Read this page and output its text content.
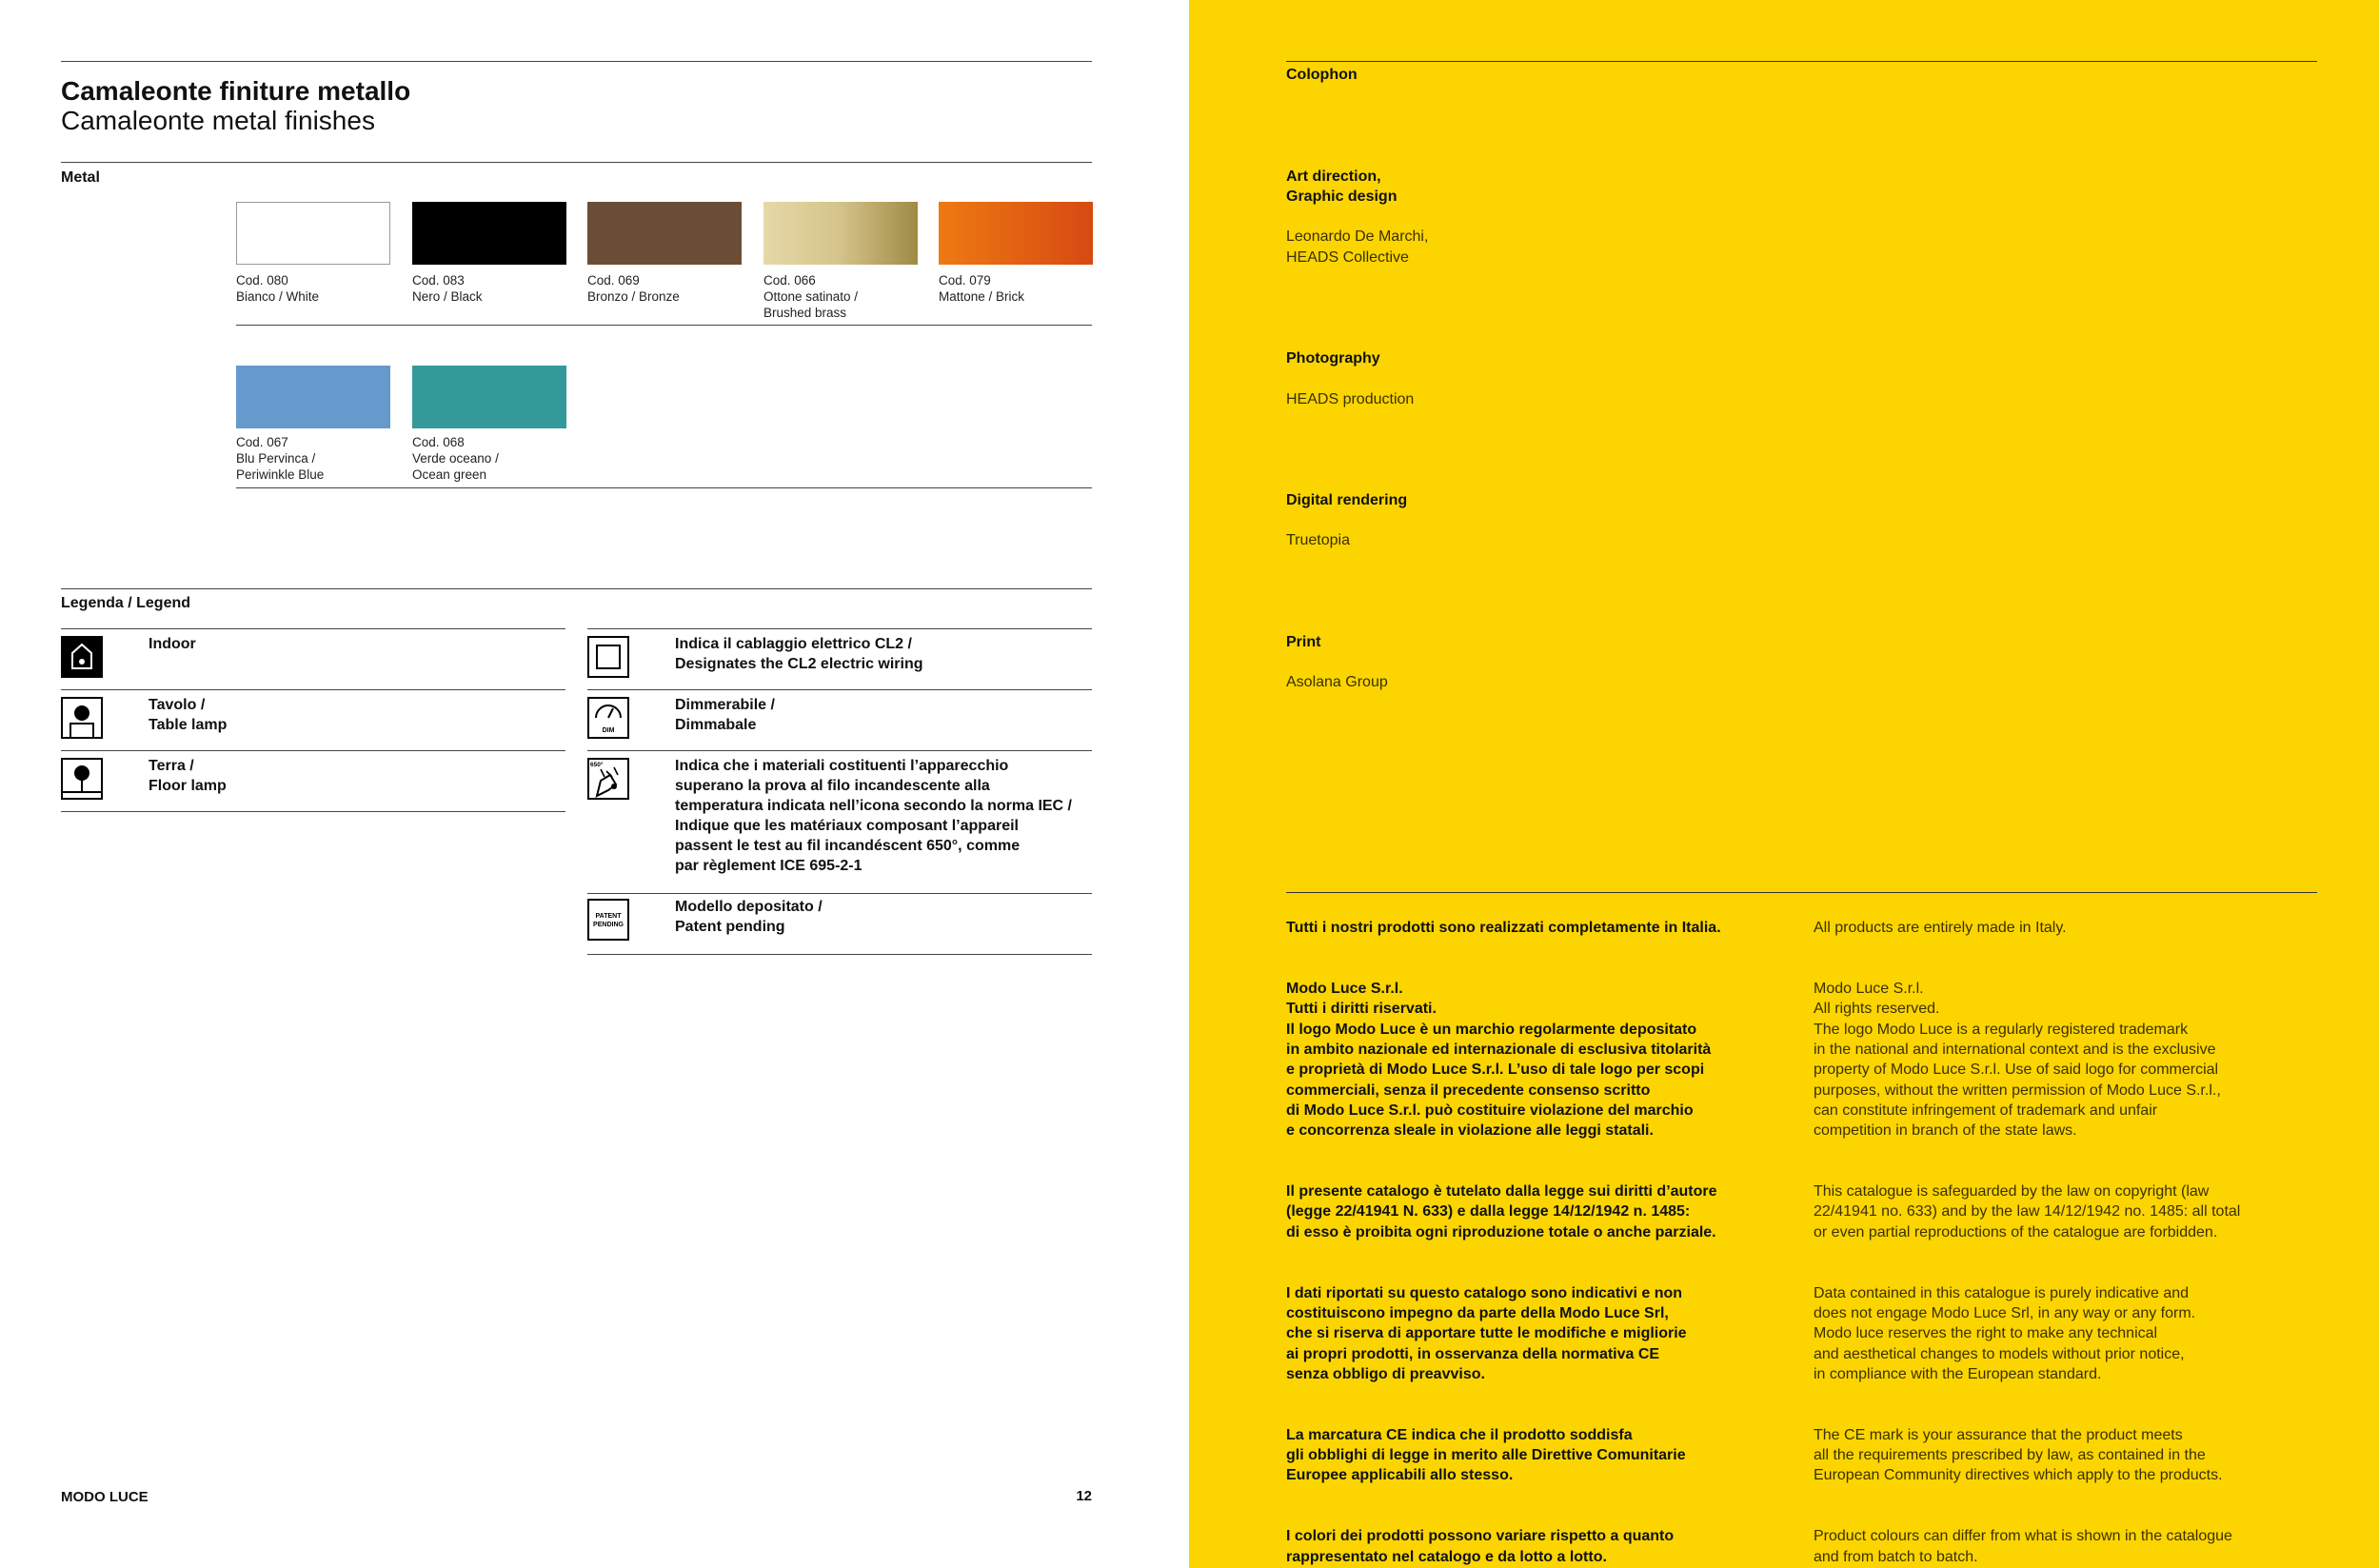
Camaleonte finiture metallo
Camaleonte metal finishes
Metal
Cod. 080
Bianco / White
Cod. 083
Nero / Black
Cod. 069
Bronzo / Bronze
Cod. 066
Ottone satinato /
Brushed brass
Cod. 079
Mattone / Brick
Cod. 067
Blu Pervinca /
Periwinkle Blue
Cod. 068
Verde oceano /
Ocean green
Legenda / Legend
Indoor
Tavolo /
Table lamp
Terra /
Floor lamp
Indica il cablaggio elettrico CL2 /
Designates the CL2 electric wiring
DIM
Dimmerabile /
Dimmabale
650°	Indica che i materiali costituenti l’apparecchio
superano la prova al filo incandescente alla
temperatura indicata nell’icona secondo la norma IEC /
Indique que les matériaux composant l’appareil
passent le test au fil incandéscent 650°, comme
par règlement ICE 695-2-1
PATENT
PENDING
Modello depositato /
Patent pending
MODO LUCE	12
Colophon

Art direction,
Graphic design

Leonardo De Marchi,
HEADS Collective

Photography

HEADS production

Digital rendering

Truetopia

Print

Asolana Group

Tutti i nostri prodotti sono realizzati completamente in Italia.

Modo Luce S.r.l.
Tutti i diritti riservati.
Il logo Modo Luce è un marchio regolarmente depositato
in ambito nazionale ed internazionale di esclusiva titolarità
e proprietà di Modo Luce S.r.l. L’uso di tale logo per scopi
commerciali, senza il precedente consenso scritto
di Modo Luce S.r.l. può costituire violazione del marchio
e concorrenza sleale in violazione alle leggi statali.

Il presente catalogo è tutelato dalla legge sui diritti d’autore
(legge 22/41941 N. 633) e dalla legge 14/12/1942 n. 1485:
di esso è proibita ogni riproduzione totale o anche parziale.

I dati riportati su questo catalogo sono indicativi e non
costituiscono impegno da parte della Modo Luce Srl,
che si riserva di apportare tutte le modifiche e migliorie
ai propri prodotti, in osservanza della normativa CE
senza obbligo di preavviso.

La marcatura CE indica che il prodotto soddisfa
gli obblighi di legge in merito alle Direttive Comunitarie
Europee applicabili allo stesso.

I colori dei prodotti possono variare rispetto a quanto
rappresentato nel catalogo e da lotto a lotto.

All products are entirely made in Italy.

Modo Luce S.r.l.
All rights reserved.
The logo Modo Luce is a regularly registered trademark
in the national and international context and is the exclusive
property of Modo Luce S.r.l. Use of said logo for commercial
purposes, without the written permission of Modo Luce S.r.l.,
can constitute infringement of trademark and unfair
competition in branch of the state laws.

This catalogue is safeguarded by the law on copyright (law
22/41941 no. 633) and by the law 14/12/1942 no. 1485: all total
or even partial reproductions of the catalogue are forbidden.

Data contained in this catalogue is purely indicative and
does not engage Modo Luce Srl, in any way or any form.
Modo luce reserves the right to make any technical
and aesthetical changes to models without prior notice,
in compliance with the European standard.

The CE mark is your assurance that the product meets
all the requirements prescribed by law, as contained in the
European Community directives which apply to the products.

Product colours can differ from what is shown in the catalogue
and from batch to batch.
